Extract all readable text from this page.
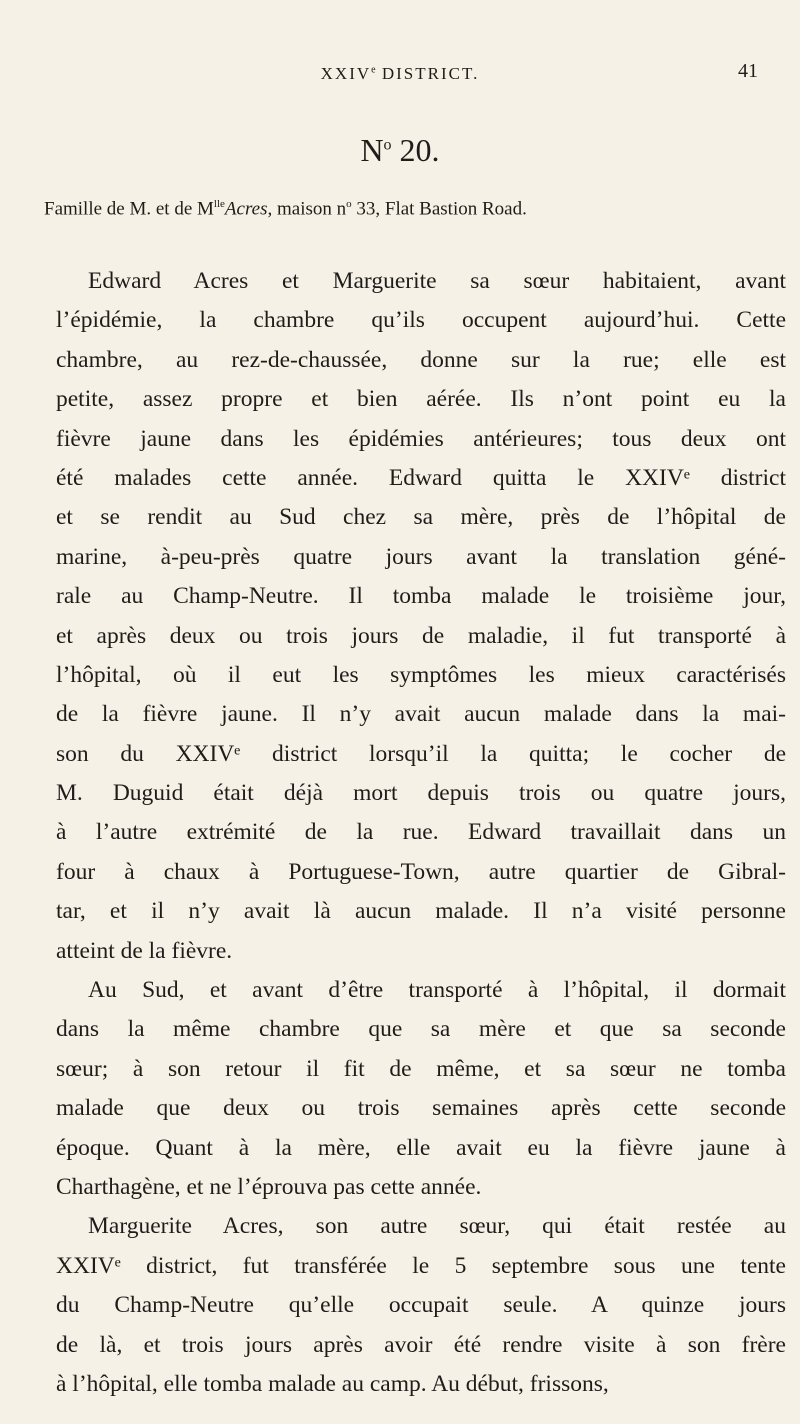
XXIVe DISTRICT.	41
$N^o$ 20.
Famille de M. et de $M^{lle}Acres$, maison $n^o$ 33, Flat Bastion Road.
Edward Acres et Marguerite sa sœur habitaient, avant
l’épidémie, la chambre qu’ils occupent aujourd’hui. Cette
chambre, au rez-de-chaussée, donne sur la rue; elle est
petite, assez propre et bien aérée. Ils n’ont point eu la
fièvre jaune dans les épidémies antérieures; tous deux ont
été malades cette année. Edward quitta le XXIVᵉ district
et se rendit au Sud chez sa mère, près de l’hôpital de
marine, à-peu-près quatre jours avant la translation géné-
rale au Champ-Neutre. Il tomba malade le troisième jour,
et après deux ou trois jours de maladie, il fut transporté à
l’hôpital, où il eut les symptômes les mieux caractérisés
de la fièvre jaune. Il n’y avait aucun malade dans la mai-
son du XXIVᵉ district lorsqu’il la quitta; le cocher de
M. Duguid était déjà mort depuis trois ou quatre jours,
à l’autre extrémité de la rue. Edward travaillait dans un
four à chaux à Portuguese-Town, autre quartier de Gibral-
tar, et il n’y avait là aucun malade. Il n’a visité personne
atteint de la fièvre.
Au Sud, et avant d’être transporté à l’hôpital, il dormait
dans la même chambre que sa mère et que sa seconde
sœur; à son retour il fit de même, et sa sœur ne tomba
malade que deux ou trois semaines après cette seconde
époque. Quant à la mère, elle avait eu la fièvre jaune à
Charthagène, et ne l’éprouva pas cette année.
Marguerite Acres, son autre sœur, qui était restée au
XXIVᵉ district, fut transférée le 5 septembre sous une tente
du Champ-Neutre qu’elle occupait seule. A quinze jours
de là, et trois jours après avoir été rendre visite à son frère
à l’hôpital, elle tomba malade au camp. Au début, frissons,
